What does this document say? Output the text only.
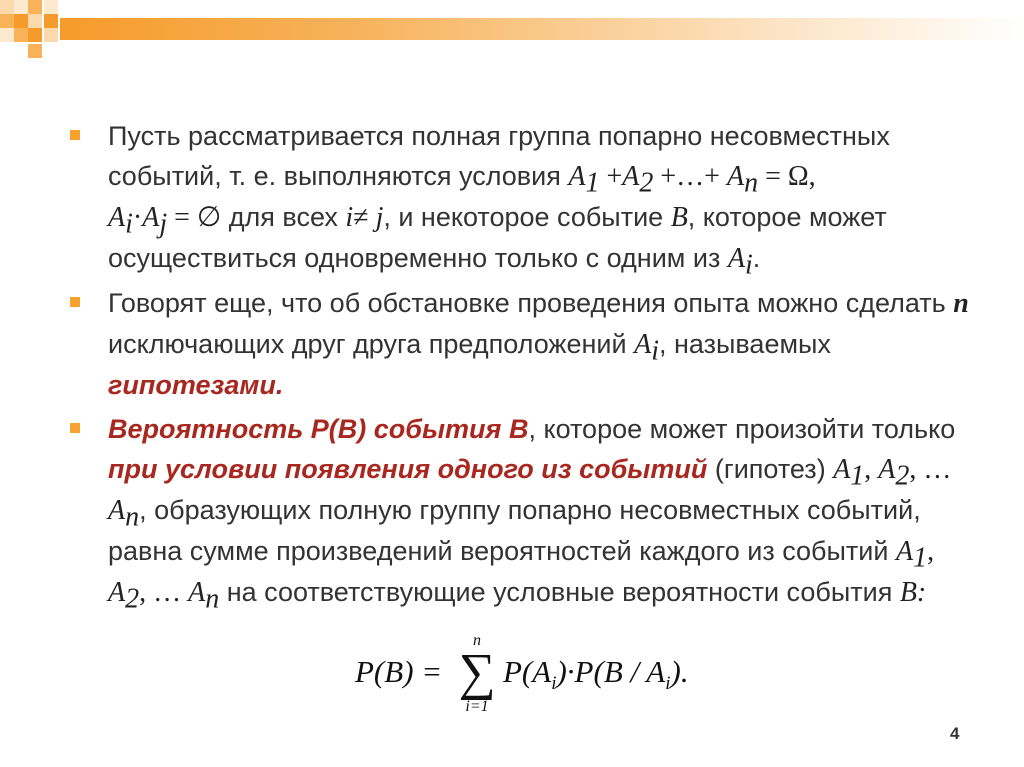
Пусть рассматривается полная группа попарно несовместных событий, т. е. выполняются условия $A_1 +A_2$ +…+ $A_n = \Omega$,
$A_i\cdot A_j$ = ∅ для всех i≠ j, и некоторое событие B, которое может осуществиться одновременно только с одним из $A_i$.
Говорят еще, что об обстановке проведения опыта можно сделать n исключающих друг друга предположений $A_i$, называемых гипотезами.
Вероятность P(B) события B, которое может произойти только при условии появления одного из событий (гипотез) $A_1$, $A_2$, … $A_n$, образующих полную группу попарно несовместных событий, равна сумме произведений вероятностей каждого из событий $A_1$, $A_2$, … $A_n$ на соответствующие условные вероятности события B:
P(B) =
n
∑
i=1
$P(A_i)\cdot P(B / A_i)$.
4
